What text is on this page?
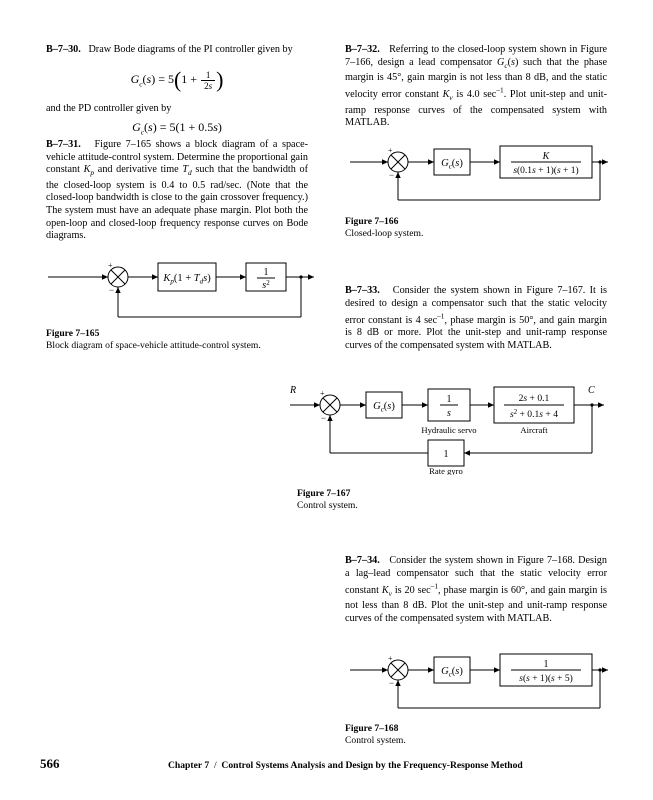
B–7–30. Draw Bode diagrams of the PI controller given by
$G_c(s) = 5(1 + \frac{1}{2s}$ )
and the PD controller given by
$G_c(s) = 5(1 + 0.5s)$
B–7–31. Figure 7–165 shows a block diagram of a space-vehicle attitude-control system. Determine the proportional gain constant $K_p$ and derivative time $T_d$ such that the bandwidth of the closed-loop system is 0.4 to 0.5 rad/sec. (Note that the closed-loop bandwidth is close to the gain crossover frequency.) The system must have an adequate phase margin. Plot both the open-loop and closed-loop frequency response curves on Bode diagrams.
+
−
$K_p(1 + T_ds)$
1
$s^2$
Figure 7–165
Block diagram of space-vehicle attitude-control system.
B–7–32. Referring to the closed-loop system shown in Figure 7–166, design a lead compensator $G_c(s)$ such that the phase margin is 45°, gain margin is not less than 8 dB, and the static velocity error constant $K_v$ is 4.0 $\sec^{-1}$. Plot unit-step and unit-ramp response curves of the compensated system with MATLAB.
+
−
$G_c(s)$
K
s(0.1s + 1)(s + 1)
Figure 7–166
Closed-loop system.
B–7–33. Consider the system shown in Figure 7–167. It is desired to design a compensator such that the static velocity error constant is 4 $\sec^{-1}$, phase margin is 50°, and gain margin is 8 dB or more. Plot the unit-step and unit-ramp response curves of the compensated system with MATLAB.
R	+
−
$G_c(s)$
1
s
Hydraulic servo
2s + 0.1
$s^2 + 0.1s + 4$
Aircraft
C
1
Rate gyro
Figure 7–167
Control system.
B–7–34. Consider the system shown in Figure 7–168. Design a lag–lead compensator such that the static velocity error constant $K_v$ is 20 $\sec^{-1}$, phase margin is 60°, and gain margin is not less than 8 dB. Plot the unit-step and unit-ramp response curves of the compensated system with MATLAB.
+
−
$G_c(s)$
1
s(s + 1)(s + 5)
Figure 7–168
Control system.
566	Chapter 7  /  Control Systems Analysis and Design by the Frequency-Response Method
